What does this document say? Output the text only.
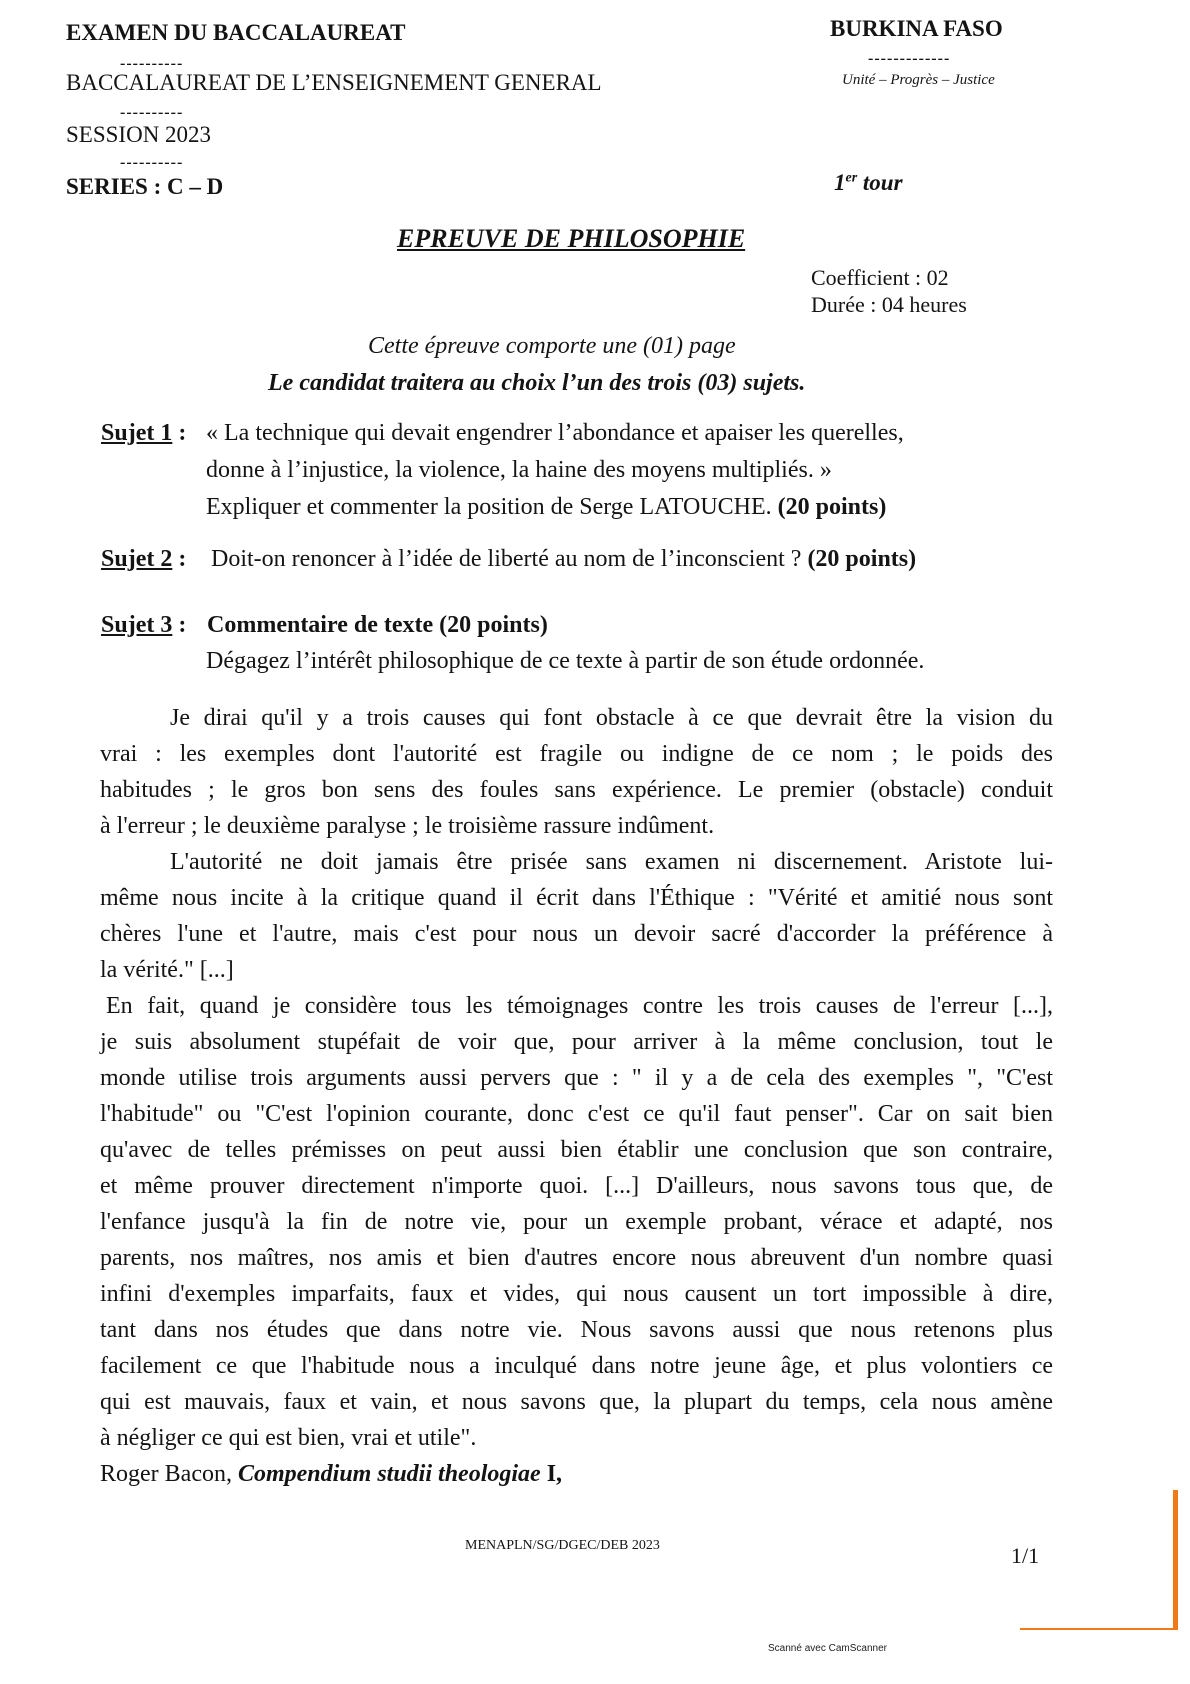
EXAMEN DU BACCALAUREAT
----------
BACCALAUREAT DE L’ENSEIGNEMENT GENERAL
----------
SESSION 2023
----------
SERIES : C – D
BURKINA FASO
-------------
Unité – Progrès – Justice
1er tour
EPREUVE DE PHILOSOPHIE
Coefficient : 02
Durée : 04 heures
Cette épreuve comporte une (01) page
Le candidat traitera au choix l’un des trois (03) sujets.
Sujet 1 : « La technique qui devait engendrer l’abondance et apaiser les querelles,
donne à l’injustice, la violence, la haine des moyens multipliés. »
Expliquer et commenter la position de Serge LATOUCHE. (20 points)
Sujet 2 : Doit-on renoncer à l’idée de liberté au nom de l’inconscient ? (20 points)
Sujet 3 : Commentaire de texte (20 points)
Dégagez l’intérêt philosophique de ce texte à partir de son étude ordonnée.
Je dirai qu'il y a trois causes qui font obstacle à ce que devrait être la vision du
vrai : les exemples dont l'autorité est fragile ou indigne de ce nom ; le poids des
habitudes ; le gros bon sens des foules sans expérience. Le premier (obstacle) conduit
à l'erreur ; le deuxième paralyse ; le troisième rassure indûment.
L'autorité ne doit jamais être prisée sans examen ni discernement. Aristote lui-
même nous incite à la critique quand il écrit dans l'Éthique : "Vérité et amitié nous sont
chères l'une et l'autre, mais c'est pour nous un devoir sacré d'accorder la préférence à
la vérité." [...]
En fait, quand je considère tous les témoignages contre les trois causes de l'erreur [...],
je suis absolument stupéfait de voir que, pour arriver à la même conclusion, tout le
monde utilise trois arguments aussi pervers que : " il y a de cela des exemples ", "C'est
l'habitude" ou "C'est l'opinion courante, donc c'est ce qu'il faut penser". Car on sait bien
qu'avec de telles prémisses on peut aussi bien établir une conclusion que son contraire,
et même prouver directement n'importe quoi. [...] D'ailleurs, nous savons tous que, de
l'enfance jusqu'à la fin de notre vie, pour un exemple probant, vérace et adapté, nos
parents, nos maîtres, nos amis et bien d'autres encore nous abreuvent d'un nombre quasi
infini d'exemples imparfaits, faux et vides, qui nous causent un tort impossible à dire,
tant dans nos études que dans notre vie. Nous savons aussi que nous retenons plus
facilement ce que l'habitude nous a inculqué dans notre jeune âge, et plus volontiers ce
qui est mauvais, faux et vain, et nous savons que, la plupart du temps, cela nous amène
à négliger ce qui est bien, vrai et utile".
Roger Bacon, Compendium studii theologiae I,
MENAPLN/SG/DGEC/DEB 2023	1/1
Scanné avec CamScanner
